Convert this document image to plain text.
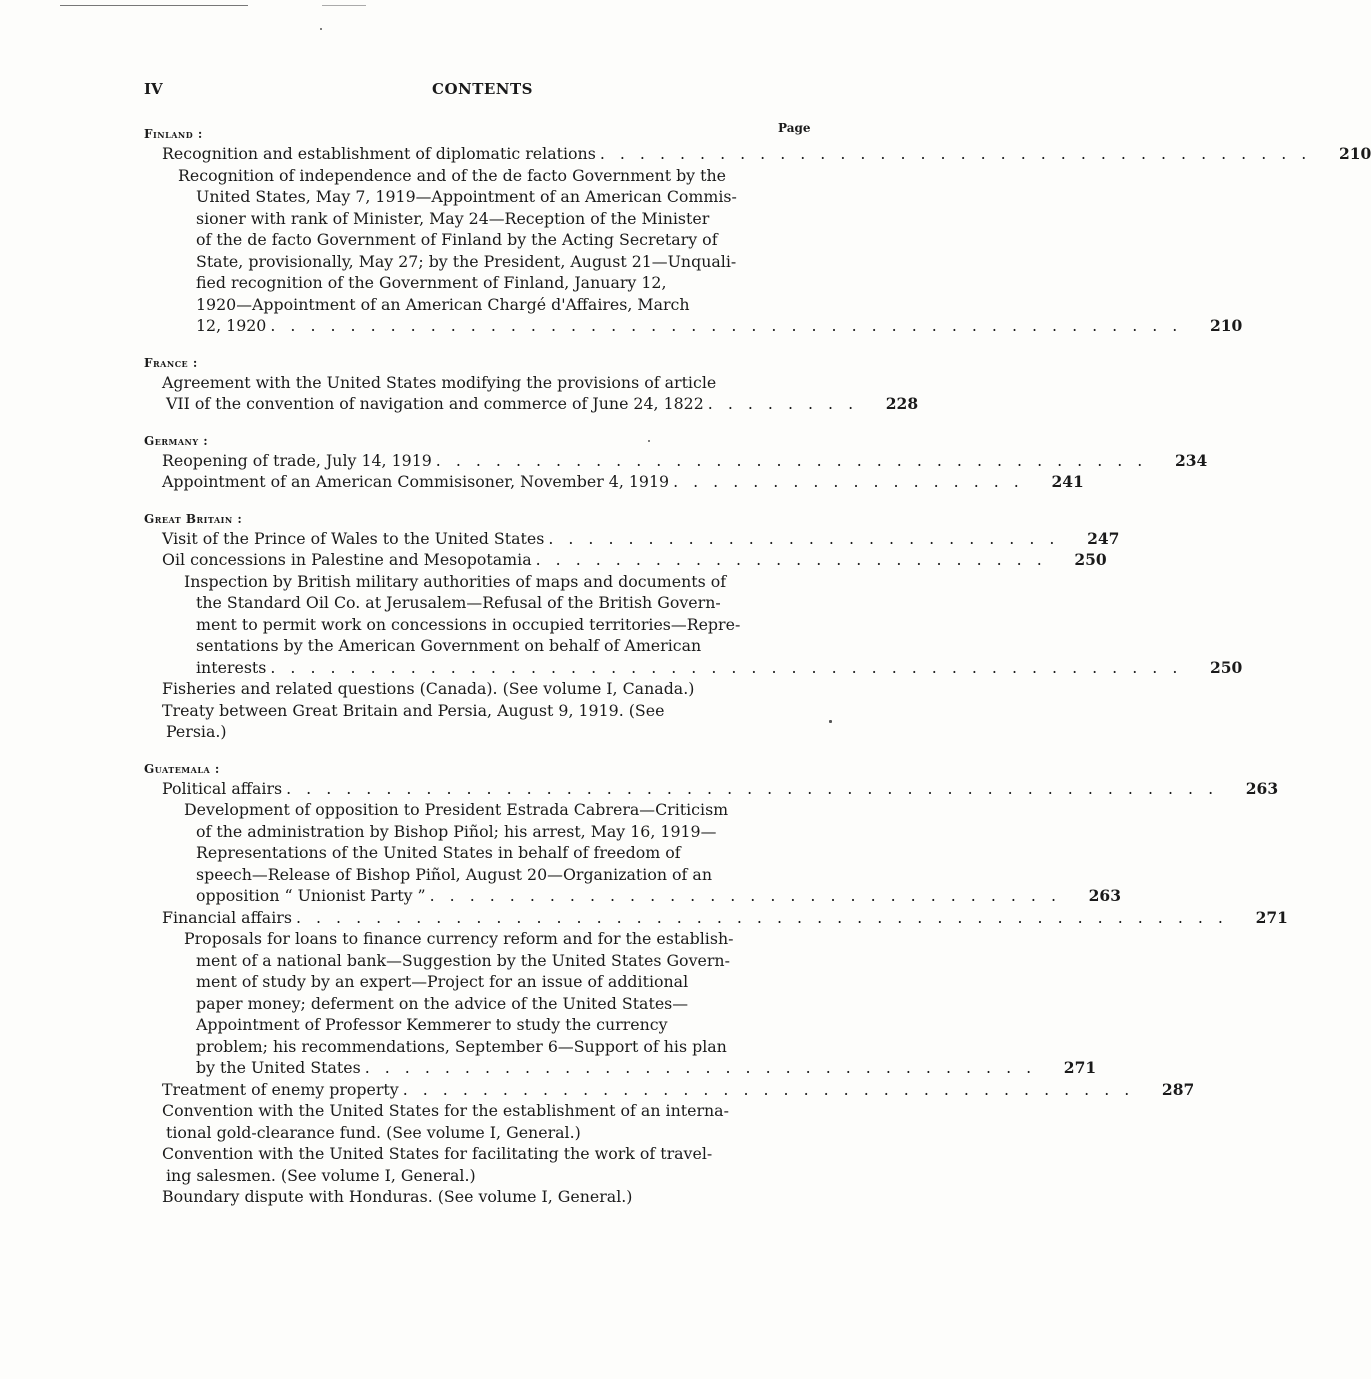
IV	CONTENTS
Page
Finland :
Recognition and establishment of diplomatic relations . . . . . . . . . . . . . . . . . . . . . . . . . . . . . . . . . . . .	210
Recognition of independence and of the de facto Government by the
United States, May 7, 1919—Appointment of an American Commis-
sioner with rank of Minister, May 24—Reception of the Minister
of the de facto Government of Finland by the Acting Secretary of
State, provisionally, May 27; by the President, August 21—Unquali-
fied recognition of the Government of Finland, January 12,
1920—Appointment of an American Chargé d'Affaires, March
12, 1920 . . . . . . . . . . . . . . . . . . . . . . . . . . . . . . . . . . . . . . . . . . . . . .	210
France :
Agreement with the United States modifying the provisions of article
VII of the convention of navigation and commerce of June 24, 1822 . . . . . . . .	228
Germany :
Reopening of trade, July 14, 1919 . . . . . . . . . . . . . . . . . . . . . . . . . . . . . . . . . . . .	234
Appointment of an American Commisisoner, November 4, 1919 . . . . . . . . . . . . . . . . . .	241
Great Britain :
Visit of the Prince of Wales to the United States . . . . . . . . . . . . . . . . . . . . . . . . . .	247
Oil concessions in Palestine and Mesopotamia . . . . . . . . . . . . . . . . . . . . . . . . . .	250
Inspection by British military authorities of maps and documents of
the Standard Oil Co. at Jerusalem—Refusal of the British Govern-
ment to permit work on concessions in occupied territories—Repre-
sentations by the American Government on behalf of American
interests . . . . . . . . . . . . . . . . . . . . . . . . . . . . . . . . . . . . . . . . . . . . . .	250
Fisheries and related questions (Canada). (See volume I, Canada.)
Treaty between Great Britain and Persia, August 9, 1919. (See
Persia.)
Guatemala :
Political affairs . . . . . . . . . . . . . . . . . . . . . . . . . . . . . . . . . . . . . . . . . . . . . . .	263
Development of opposition to President Estrada Cabrera—Criticism
of the administration by Bishop Piñol; his arrest, May 16, 1919—
Representations of the United States in behalf of freedom of
speech—Release of Bishop Piñol, August 20—Organization of an
opposition “ Unionist Party ” . . . . . . . . . . . . . . . . . . . . . . . . . . . . . . . .	263
Financial affairs . . . . . . . . . . . . . . . . . . . . . . . . . . . . . . . . . . . . . . . . . . . . . . .	271
Proposals for loans to finance currency reform and for the establish-
ment of a national bank—Suggestion by the United States Govern-
ment of study by an expert—Project for an issue of additional
paper money; deferment on the advice of the United States—
Appointment of Professor Kemmerer to study the currency
problem; his recommendations, September 6—Support of his plan
by the United States . . . . . . . . . . . . . . . . . . . . . . . . . . . . . . . . . .	271
Treatment of enemy property . . . . . . . . . . . . . . . . . . . . . . . . . . . . . . . . . . . . .	287
Convention with the United States for the establishment of an interna-
tional gold-clearance fund. (See volume I, General.)
Convention with the United States for facilitating the work of travel-
ing salesmen. (See volume I, General.)
Boundary dispute with Honduras. (See volume I, General.)
